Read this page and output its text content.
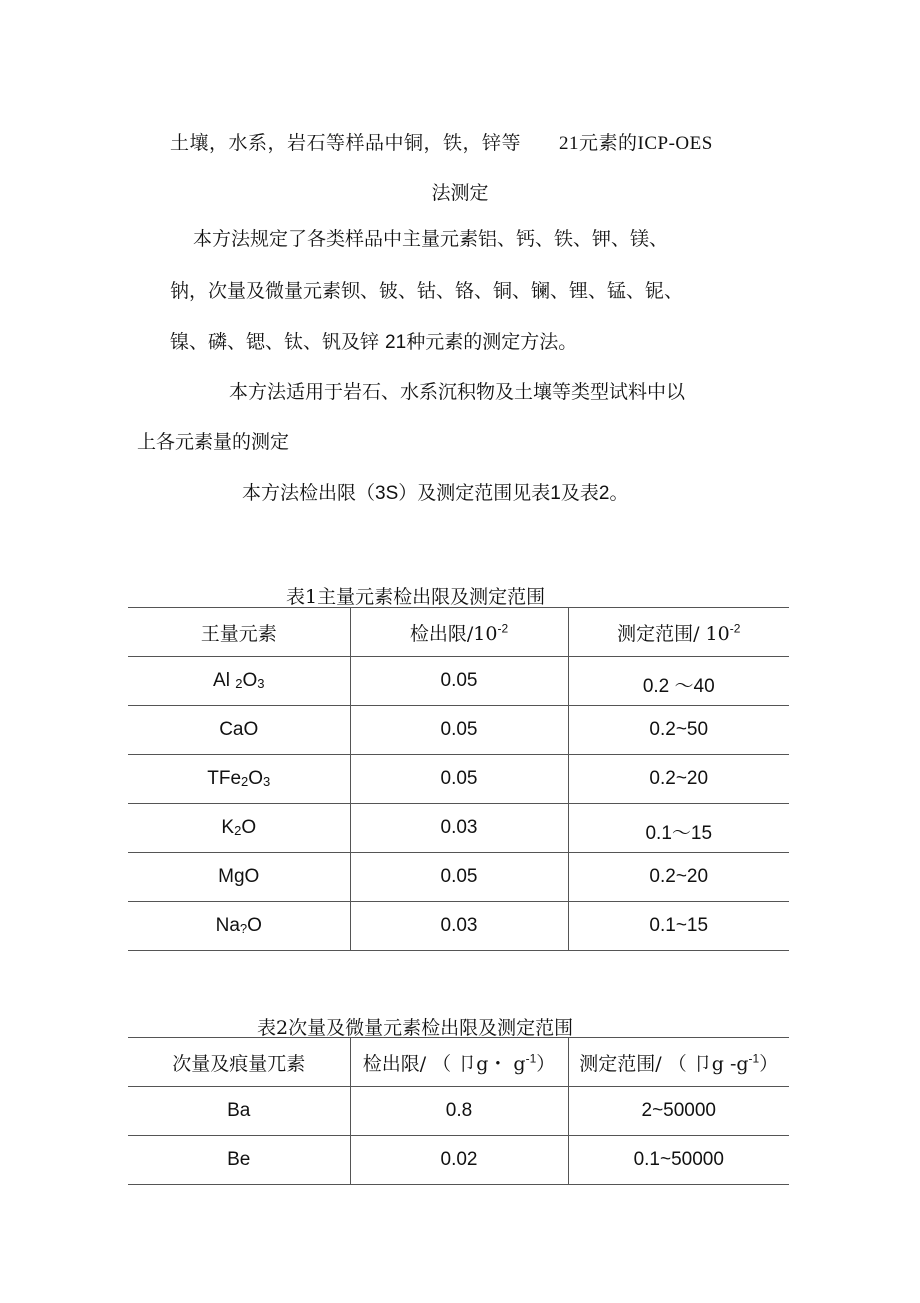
土壤，水系，岩石等样品中铜，铁，锌等 21元素的ICP-OES
法测定
本方法规定了各类样品中主量元素铝、钙、铁、钾、镁、
钠，次量及微量元素钡、铍、钴、铬、铜、镧、锂、锰、铌、
镍、磷、锶、钛、钒及锌 21种元素的测定方法。
本方法适用于岩石、水系沉积物及土壤等类型试料中以
上各元素量的测定
本方法检出限（3S）及测定范围见表1及表2。
表1主量元素检出限及测定范围
王量元素	检出限$/10^{-2}$	测定范围/ $10^{-2}$
Al $_2O_3$	0.05	0.2 ～40
CaO	0.05	0.2~50
$TFe_2O_3$	0.05	0.2~20
$K_2O$	0.03	0.1～15
MgO	0.05	0.2~20
$Na_?O$	0.03	0.1~15
表2次量及微量元素检出限及测定范围
次量及痕量兀素	检出限/ （ 卩g・ $g^{-1}$）	测定范围/ （ 卩g $-g^{-1}$）
Ba	0.8	2~50000
Be	0.02	0.1~50000
